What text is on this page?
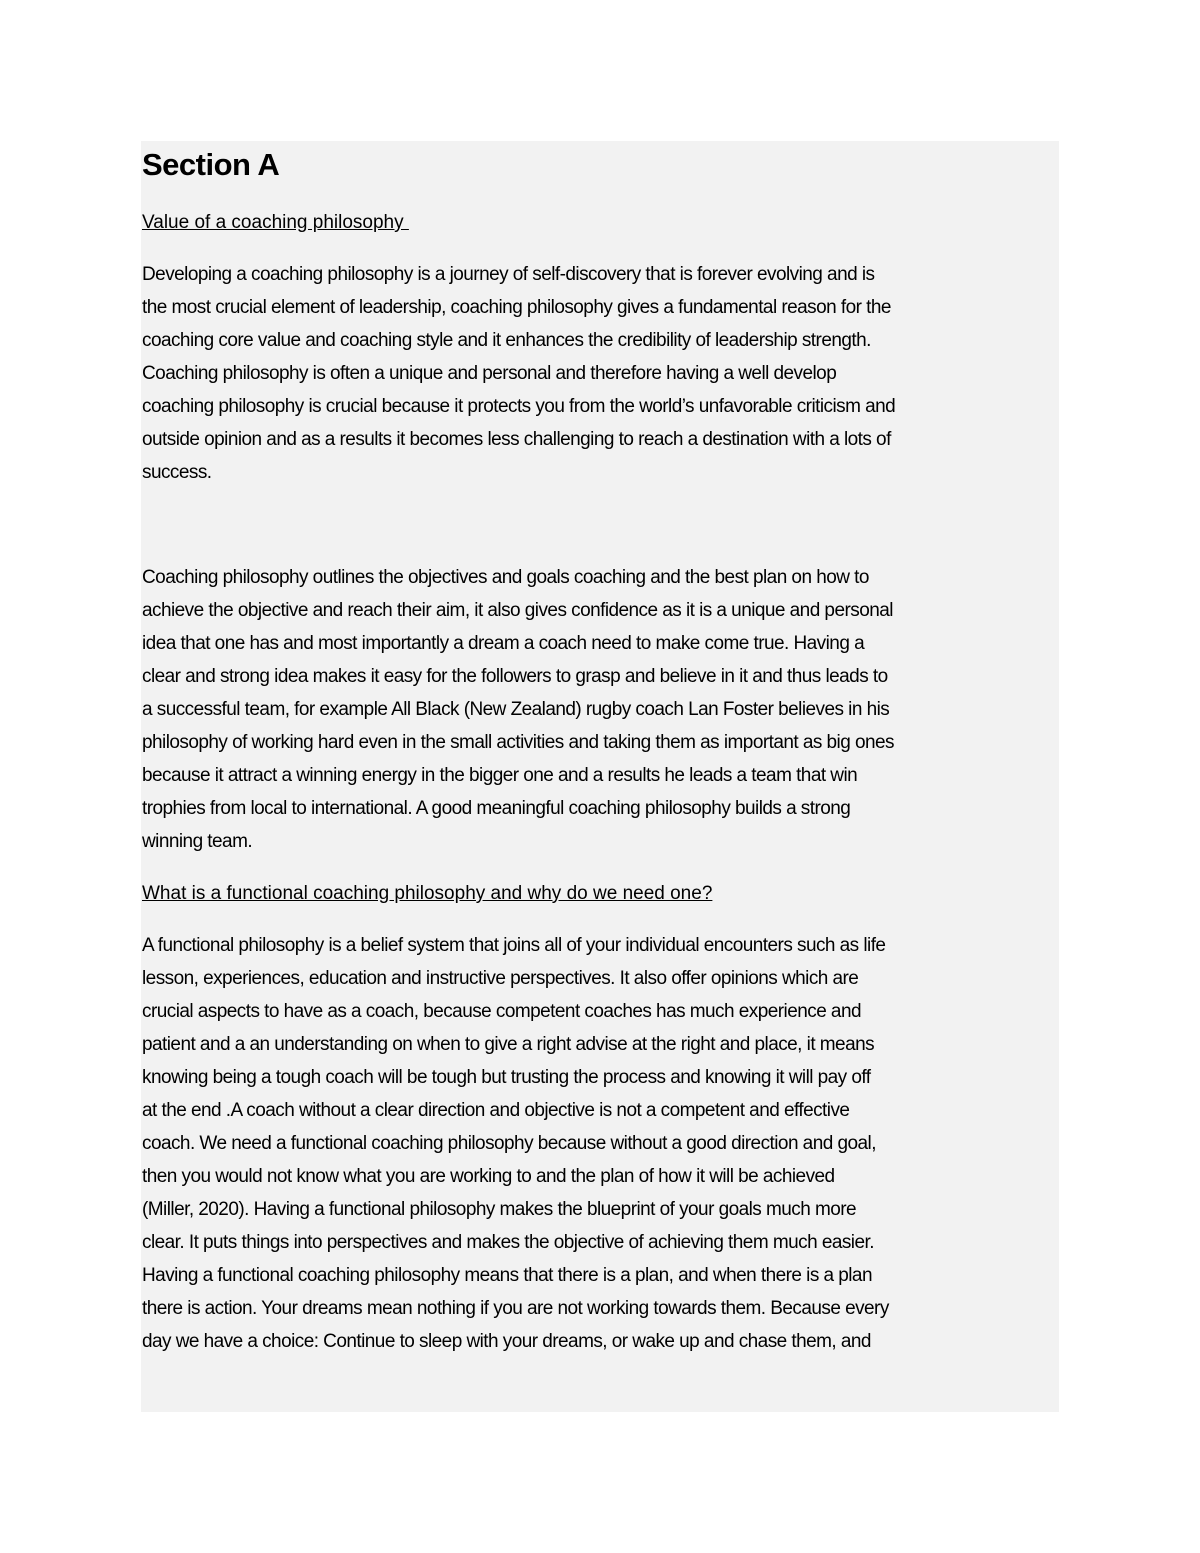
Section A

Value of a coaching philosophy

Developing a coaching philosophy is a journey of self-discovery that is forever evolving and is
the most crucial element of leadership, coaching philosophy gives a fundamental reason for the
coaching core value and coaching style and it enhances the credibility of leadership strength.
Coaching philosophy is often a unique and personal and therefore having a well develop
coaching philosophy is crucial because it protects you from the world’s unfavorable criticism and
outside opinion and as a results it becomes less challenging to reach a destination with a lots of
success.

Coaching philosophy outlines the objectives and goals coaching and the best plan on how to
achieve the objective and reach their aim, it also gives confidence as it is a unique and personal
idea that one has and most importantly a dream a coach need to make come true. Having a
clear and strong idea makes it easy for the followers to grasp and believe in it and thus leads to
a successful team, for example All Black (New Zealand) rugby coach Lan Foster believes in his
philosophy of working hard even in the small activities and taking them as important as big ones
because it attract a winning energy in the bigger one and a results he leads a team that win
trophies from local to international. A good meaningful coaching philosophy builds a strong
winning team.

What is a functional coaching philosophy and why do we need one?

A functional philosophy is a belief system that joins all of your individual encounters such as life
lesson, experiences, education and instructive perspectives. It also offer opinions which are
crucial aspects to have as a coach, because competent coaches has much experience and
patient and a an understanding on when to give a right advise at the right and place, it means
knowing being a tough coach will be tough but trusting the process and knowing it will pay off
at the end .A coach without a clear direction and objective is not a competent and effective
coach. We need a functional coaching philosophy because without a good direction and goal,
then you would not know what you are working to and the plan of how it will be achieved
(Miller, 2020). Having a functional philosophy makes the blueprint of your goals much more
clear. It puts things into perspectives and makes the objective of achieving them much easier.
Having a functional coaching philosophy means that there is a plan, and when there is a plan
there is action. Your dreams mean nothing if you are not working towards them. Because every
day we have a choice: Continue to sleep with your dreams, or wake up and chase them, and
